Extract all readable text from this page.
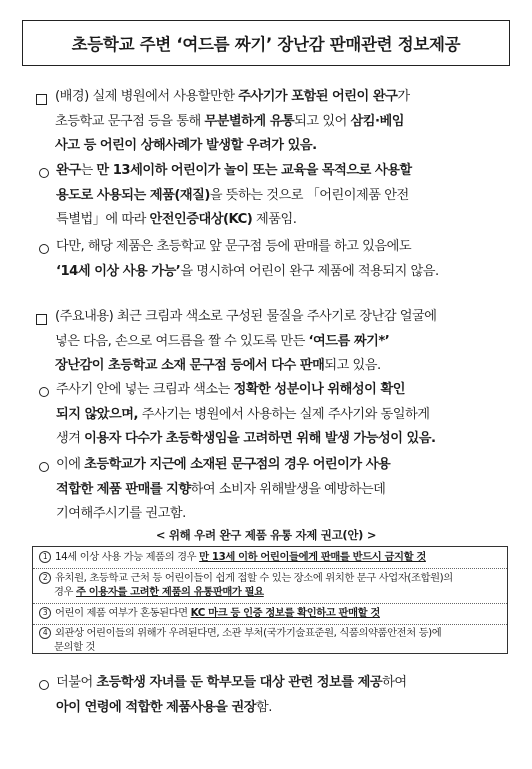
초등학교 주변 ‘여드름 짜기’ 장난감 판매관련 정보제공
(배경) 실제 병원에서 사용할만한 주사기가 포함된 어린이 완구가
초등학교 문구점 등을 통해 무분별하게 유통되고 있어 삼킴·베임
사고 등 어린이 상해사례가 발생할 우려가 있음.
완구는 만 13세이하 어린이가 놀이 또는 교육을 목적으로 사용할
용도로 사용되는 제품(재질)을 뜻하는 것으로 「어린이제품 안전
특별법」에 따라 안전인증대상(KC) 제품임.
다만, 해당 제품은 초등학교 앞 문구점 등에 판매를 하고 있음에도
‘14세 이상 사용 가능’을 명시하여 어린이 완구 제품에 적용되지 않음.
(주요내용) 최근 크림과 색소로 구성된 물질을 주사기로 장난감 얼굴에
넣은 다음, 손으로 여드름을 짤 수 있도록 만든 ‘여드름 짜기*’
장난감이 초등학교 소재 문구점 등에서 다수 판매되고 있음.
주사기 안에 넣는 크림과 색소는 정확한 성분이나 위해성이 확인
되지 않았으며, 주사기는 병원에서 사용하는 실제 주사기와 동일하게
생겨 이용자 다수가 초등학생임을 고려하면 위해 발생 가능성이 있음.
이에 초등학교가 지근에 소재된 문구점의 경우 어린이가 사용
적합한 제품 판매를 지향하여 소비자 위해발생을 예방하는데
기여해주시기를 권고함.
< 위해 우려 완구 제품 유통 자제 권고(안) >
1 14세 이상 사용 가능 제품의 경우 만 13세 이하 어린이들에게 판매를 반드시 금지할 것
2 유치원, 초등학교 근처 등 어린이들이 쉽게 접할 수 있는 장소에 위치한 문구 사업자(조합원)의
경우 주 이용자를 고려한 제품의 유통판매가 필요
3 어린이 제품 여부가 혼동된다면 KC 마크 등 인증 정보를 확인하고 판매할 것
4 외관상 어린이들의 위해가 우려된다면, 소관 부처(국가기술표준원, 식품의약품안전처 등)에
문의할 것
더불어 초등학생 자녀를 둔 학부모들 대상 관련 정보를 제공하여
아이 연령에 적합한 제품사용을 권장함.
